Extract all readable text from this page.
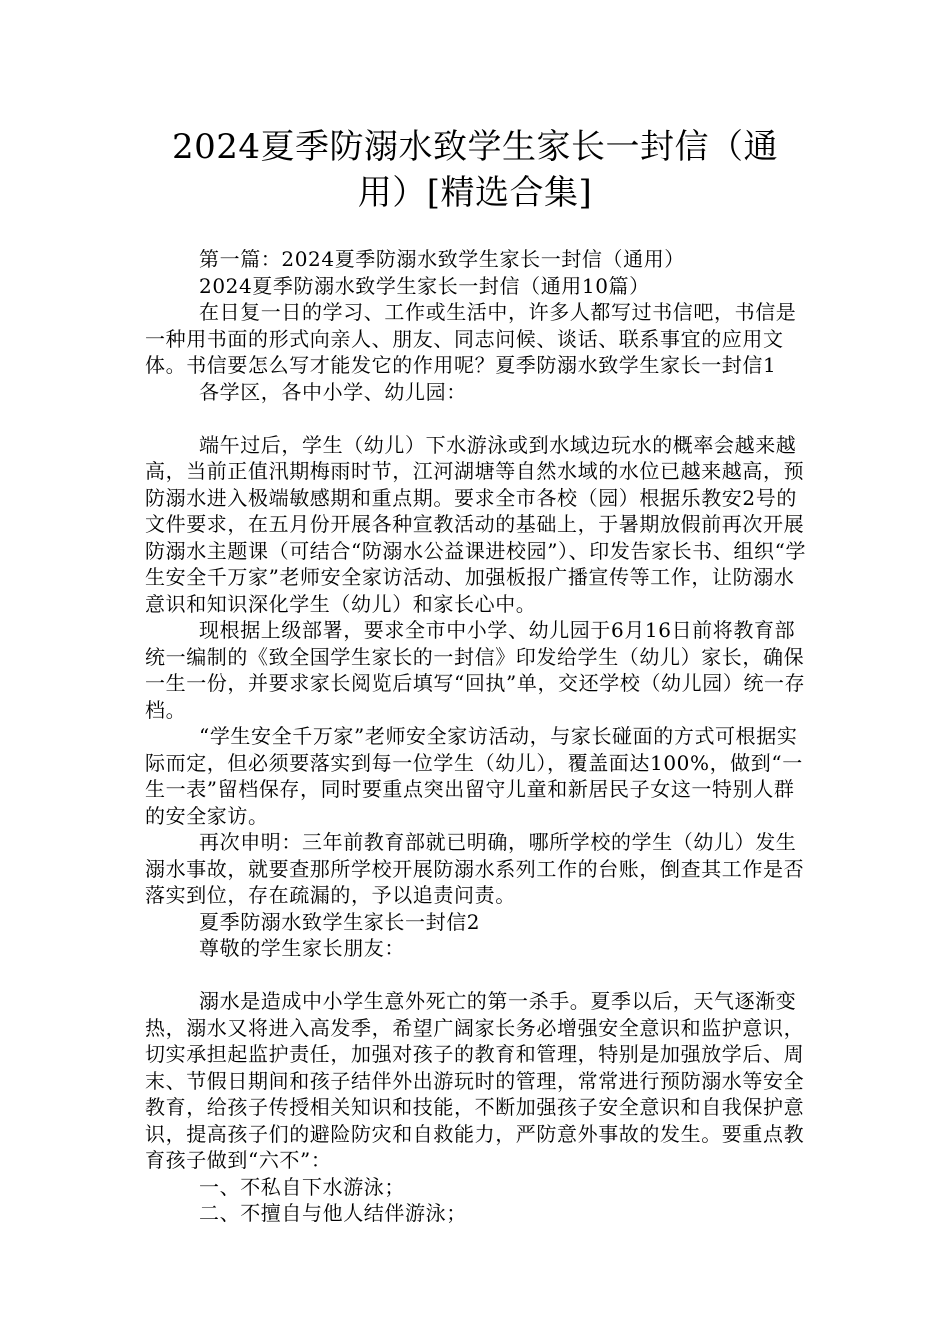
2024夏季防溺水致学生家长一封信（通
用）[精选合集]

第一篇：2024夏季防溺水致学生家长一封信（通用）

2024夏季防溺水致学生家长一封信（通用10篇）

在日复一日的学习、工作或生活中，许多人都写过书信吧，书信是一种用书面的形式向亲人、朋友、同志问候、谈话、联系事宜的应用文体。书信要怎么写才能发它的作用呢？夏季防溺水致学生家长一封信1

各学区，各中小学、幼儿园：

端午过后，学生（幼儿）下水游泳或到水域边玩水的概率会越来越高，当前正值汛期梅雨时节，江河湖塘等自然水域的水位已越来越高，预防溺水进入极端敏感期和重点期。要求全市各校（园）根据乐教安2号的文件要求，在五月份开展各种宣教活动的基础上，于暑期放假前再次开展防溺水主题课（可结合“防溺水公益课进校园”）、印发告家长书、组织“学生安全千万家”老师安全家访活动、加强板报广播宣传等工作，让防溺水意识和知识深化学生（幼儿）和家长心中。

现根据上级部署，要求全市中小学、幼儿园于6月16日前将教育部统一编制的《致全国学生家长的一封信》印发给学生（幼儿）家长，确保一生一份，并要求家长阅览后填写“回执”单，交还学校（幼儿园）统一存档。

“学生安全千万家”老师安全家访活动，与家长碰面的方式可根据实际而定，但必须要落实到每一位学生（幼儿），覆盖面达100%，做到“一生一表”留档保存，同时要重点突出留守儿童和新居民子女这一特别人群的安全家访。

再次申明：三年前教育部就已明确，哪所学校的学生（幼儿）发生溺水事故，就要查那所学校开展防溺水系列工作的台账，倒查其工作是否落实到位，存在疏漏的，予以追责问责。

夏季防溺水致学生家长一封信2

尊敬的学生家长朋友：

溺水是造成中小学生意外死亡的第一杀手。夏季以后，天气逐渐变热，溺水又将进入高发季，希望广阔家长务必增强安全意识和监护意识，切实承担起监护责任，加强对孩子的教育和管理，特别是加强放学后、周末、节假日期间和孩子结伴外出游玩时的管理，常常进行预防溺水等安全教育，给孩子传授相关知识和技能，不断加强孩子安全意识和自我保护意识，提高孩子们的避险防灾和自救能力，严防意外事故的发生。要重点教育孩子做到“六不”：

一、不私自下水游泳；

二、不擅自与他人结伴游泳；
